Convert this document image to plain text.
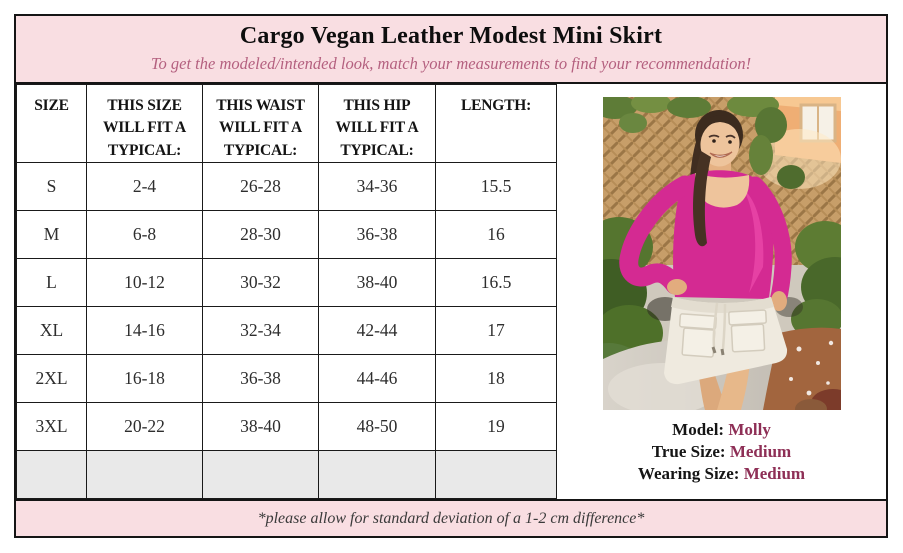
Cargo Vegan Leather Modest Mini Skirt
To get the modeled/intended look, match your measurements to find your recommendation!
SIZE	THIS SIZE WILL FIT A TYPICAL:	THIS WAIST WILL FIT A TYPICAL:	THIS HIP WILL FIT A TYPICAL:	LENGTH:
S	2-4	26-28	34-36	15.5
M	6-8	28-30	36-38	16
L	10-12	30-32	38-40	16.5
XL	14-16	32-34	42-44	17
2XL	16-18	36-38	44-46	18
3XL	20-22	38-40	48-50	19
					Model: Molly
True Size: Medium
Wearing Size: Medium
*please allow for standard deviation of a 1-2 cm difference*
